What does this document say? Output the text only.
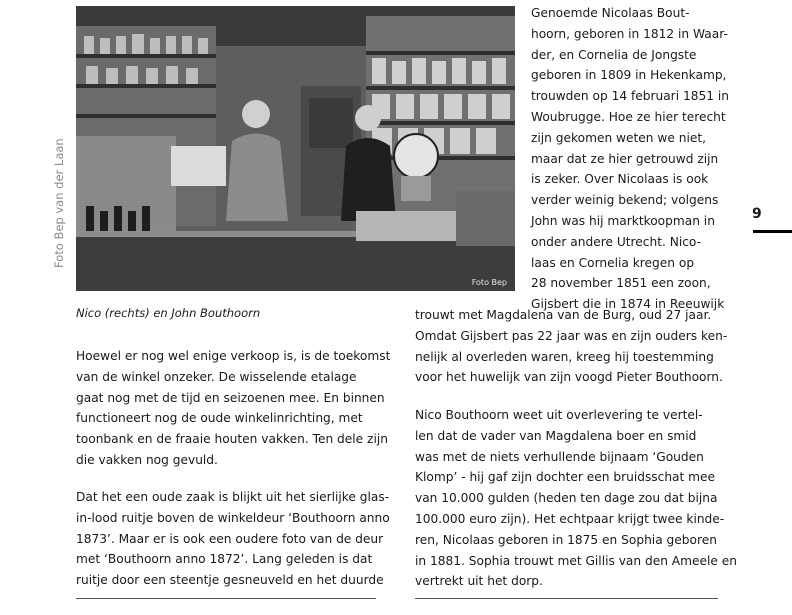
Foto Bep
Foto Bep van der Laan
Nico (rechts) en John Bouthoorn
9
Genoemde Nicolaas Bout-
hoorn, geboren in 1812 in Waar-
der, en Cornelia de Jongste
geboren in 1809 in Hekenkamp,
trouwden op 14 februari 1851 in
Woubrugge. Hoe ze hier terecht
zijn gekomen weten we niet,
maar dat ze hier getrouwd zijn
is zeker. Over Nicolaas is ook
verder weinig bekend; volgens
John was hij marktkoopman in
onder andere Utrecht. Nico-
laas en Cornelia kregen op
28 november 1851 een zoon,
Gijsbert die in 1874 in Reeuwijk
trouwt met Magdalena van de Burg, oud 27 jaar.
Omdat Gijsbert pas 22 jaar was en zijn ouders ken-
nelijk al overleden waren, kreeg hij toestemming
voor het huwelijk van zijn voogd Pieter Bouthoorn.
Nico Bouthoorn weet uit overlevering te vertel-
len dat de vader van Magdalena boer en smid
was met de niets verhullende bijnaam ‘Gouden
Klomp’ - hij gaf zijn dochter een bruidsschat mee
van 10.000 gulden (heden ten dage zou dat bijna
100.000 euro zijn). Het echtpaar krijgt twee kinde-
ren, Nicolaas geboren in 1875 en Sophia geboren
in 1881. Sophia trouwt met Gillis van den Ameele en
vertrekt uit het dorp.
Hoewel er nog wel enige verkoop is, is de toekomst
van de winkel onzeker. De wisselende etalage
gaat nog met de tijd en seizoenen mee. En binnen
functioneert nog de oude winkelinrichting, met
toonbank en de fraaie houten vakken. Ten dele zijn
die vakken nog gevuld.
Dat het een oude zaak is blijkt uit het sierlijke glas-
in-lood ruitje boven de winkeldeur ‘Bouthoorn anno
1873’. Maar er is ook een oudere foto van de deur
met ‘Bouthoorn anno 1872’. Lang geleden is dat
ruitje door een steentje gesneuveld en het duurde
